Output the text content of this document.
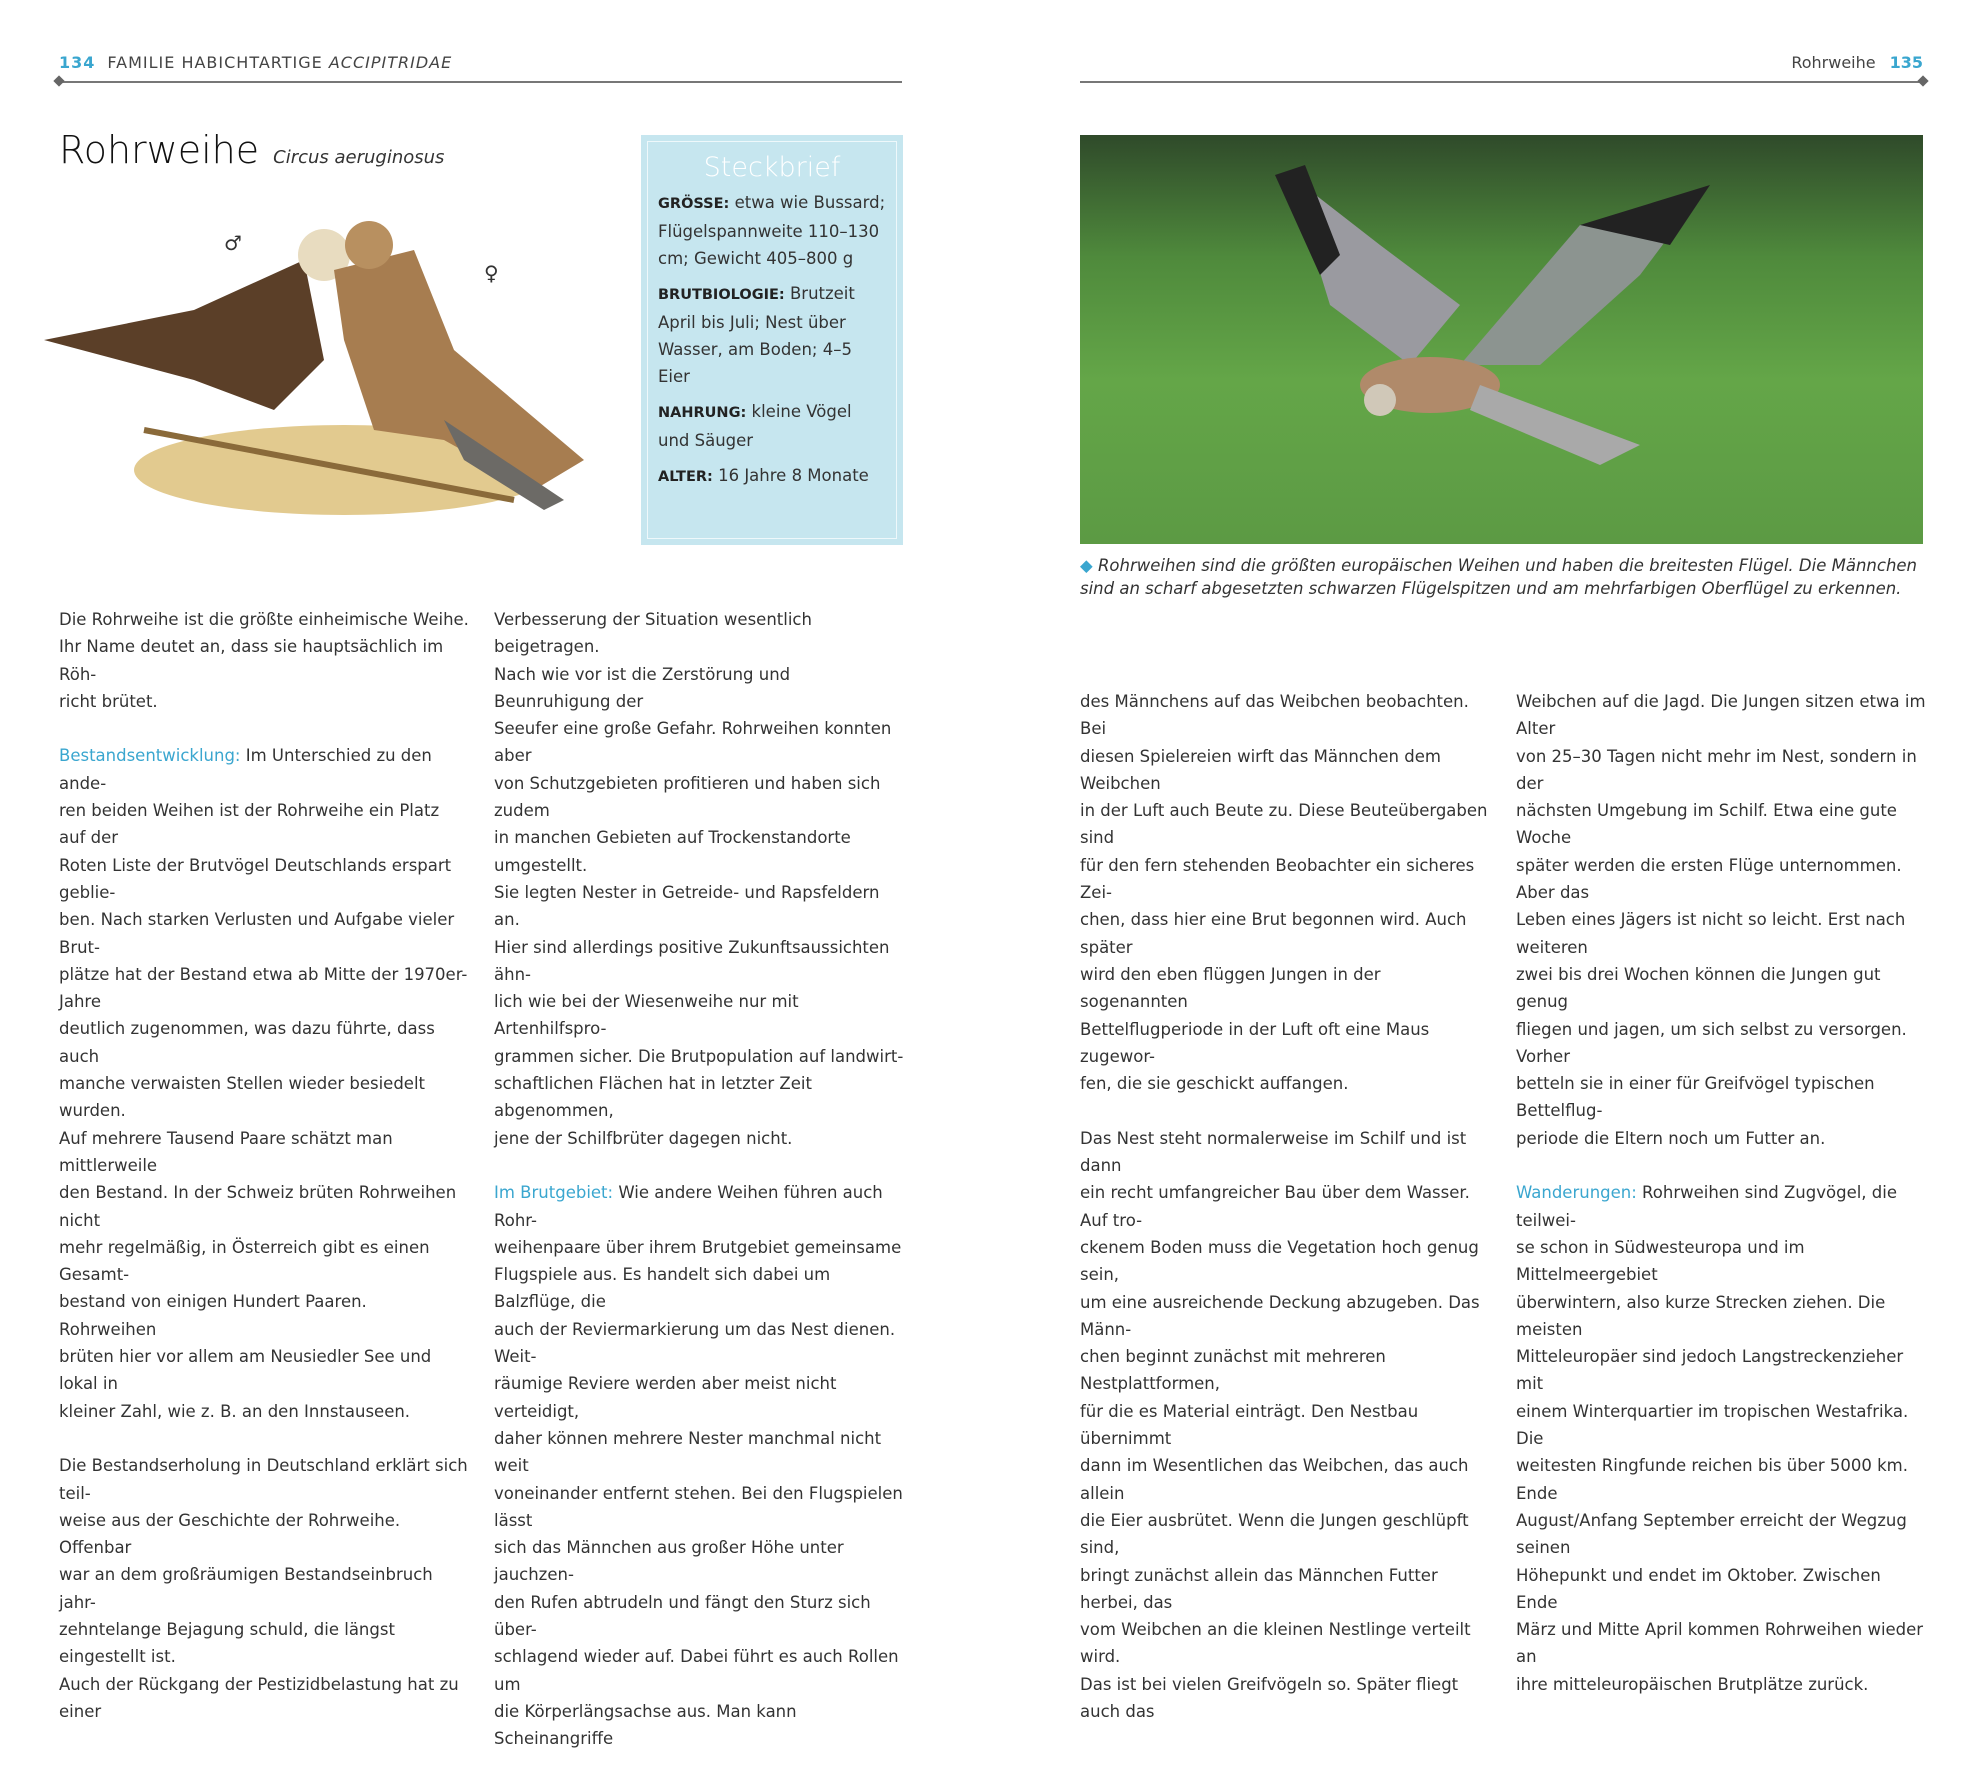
134 FAMILIE HABICHTARTIGE ACCIPITRIDAE	Rohrweihe 135
Rohrweihe Circus aeruginosus
♂
♀
Steckbrief

GRÖSSE: etwa wie Bussard; Flügelspannweite 110–130 cm; Gewicht 405–800 g

BRUTBIOLOGIE: Brutzeit April bis Juli; Nest über Wasser, am Boden; 4–5 Eier

NAHRUNG: kleine Vögel und Säuger

ALTER: 16 Jahre 8 Monate

◆ Rohrweihen sind die größten europäischen Weihen und haben die breitesten Flügel. Die Männchen sind an scharf abgesetzten schwarzen Flügelspitzen und am mehrfarbigen Oberflügel zu erkennen.

Die Rohrweihe ist die größte einheimische Weihe.
Ihr Name deutet an, dass sie hauptsächlich im Röh-
richt brütet.

Bestandsentwicklung: Im Unterschied zu den ande-
ren beiden Weihen ist der Rohrweihe ein Platz auf der
Roten Liste der Brutvögel Deutschlands erspart geblie-
ben. Nach starken Verlusten und Aufgabe vieler Brut-
plätze hat der Bestand etwa ab Mitte der 1970er-Jahre
deutlich zugenommen, was dazu führte, dass auch
manche verwaisten Stellen wieder besiedelt wurden.
Auf mehrere Tausend Paare schätzt man mittlerweile
den Bestand. In der Schweiz brüten Rohrweihen nicht
mehr regelmäßig, in Österreich gibt es einen Gesamt-
bestand von einigen Hundert Paaren. Rohrweihen
brüten hier vor allem am Neusiedler See und lokal in
kleiner Zahl, wie z. B. an den Innstauseen.

Die Bestandserholung in Deutschland erklärt sich teil-
weise aus der Geschichte der Rohrweihe. Offenbar
war an dem großräumigen Bestandseinbruch jahr-
zehntelange Bejagung schuld, die längst eingestellt ist.
Auch der Rückgang der Pestizidbelastung hat zu einer

Verbesserung der Situation wesentlich beigetragen.
Nach wie vor ist die Zerstörung und Beunruhigung der
Seeufer eine große Gefahr. Rohrweihen konnten aber
von Schutzgebieten profitieren und haben sich zudem
in manchen Gebieten auf Trockenstandorte umgestellt.
Sie legten Nester in Getreide- und Rapsfeldern an.
Hier sind allerdings positive Zukunftsaussichten ähn-
lich wie bei der Wiesenweihe nur mit Artenhilfspro-
grammen sicher. Die Brutpopulation auf landwirt-
schaftlichen Flächen hat in letzter Zeit abgenommen,
jene der Schilfbrüter dagegen nicht.

Im Brutgebiet: Wie andere Weihen führen auch Rohr-
weihenpaare über ihrem Brutgebiet gemeinsame
Flugspiele aus. Es handelt sich dabei um Balzflüge, die
auch der Reviermarkierung um das Nest dienen. Weit-
räumige Reviere werden aber meist nicht verteidigt,
daher können mehrere Nester manchmal nicht weit
voneinander entfernt stehen. Bei den Flugspielen lässt
sich das Männchen aus großer Höhe unter jauchzen-
den Rufen abtrudeln und fängt den Sturz sich über-
schlagend wieder auf. Dabei führt es auch Rollen um
die Körperlängsachse aus. Man kann Scheinangriffe

des Männchens auf das Weibchen beobachten. Bei
diesen Spielereien wirft das Männchen dem Weibchen
in der Luft auch Beute zu. Diese Beuteübergaben sind
für den fern stehenden Beobachter ein sicheres Zei-
chen, dass hier eine Brut begonnen wird. Auch später
wird den eben flüggen Jungen in der sogenannten
Bettelflugperiode in der Luft oft eine Maus zugewor-
fen, die sie geschickt auffangen.

Das Nest steht normalerweise im Schilf und ist dann
ein recht umfangreicher Bau über dem Wasser. Auf tro-
ckenem Boden muss die Vegetation hoch genug sein,
um eine ausreichende Deckung abzugeben. Das Männ-
chen beginnt zunächst mit mehreren Nestplattformen,
für die es Material einträgt. Den Nestbau übernimmt
dann im Wesentlichen das Weibchen, das auch allein
die Eier ausbrütet. Wenn die Jungen geschlüpft sind,
bringt zunächst allein das Männchen Futter herbei, das
vom Weibchen an die kleinen Nestlinge verteilt wird.
Das ist bei vielen Greifvögeln so. Später fliegt auch das

Weibchen auf die Jagd. Die Jungen sitzen etwa im Alter
von 25–30 Tagen nicht mehr im Nest, sondern in der
nächsten Umgebung im Schilf. Etwa eine gute Woche
später werden die ersten Flüge unternommen. Aber das
Leben eines Jägers ist nicht so leicht. Erst nach weiteren
zwei bis drei Wochen können die Jungen gut genug
fliegen und jagen, um sich selbst zu versorgen. Vorher
betteln sie in einer für Greifvögel typischen Bettelflug-
periode die Eltern noch um Futter an.

Wanderungen: Rohrweihen sind Zugvögel, die teilwei-
se schon in Südwesteuropa und im Mittelmeergebiet
überwintern, also kurze Strecken ziehen. Die meisten
Mitteleuropäer sind jedoch Langstreckenzieher mit
einem Winterquartier im tropischen Westafrika. Die
weitesten Ringfunde reichen bis über 5000 km. Ende
August/Anfang September erreicht der Wegzug seinen
Höhepunkt und endet im Oktober. Zwischen Ende
März und Mitte April kommen Rohrweihen wieder an
ihre mitteleuropäischen Brutplätze zurück.
